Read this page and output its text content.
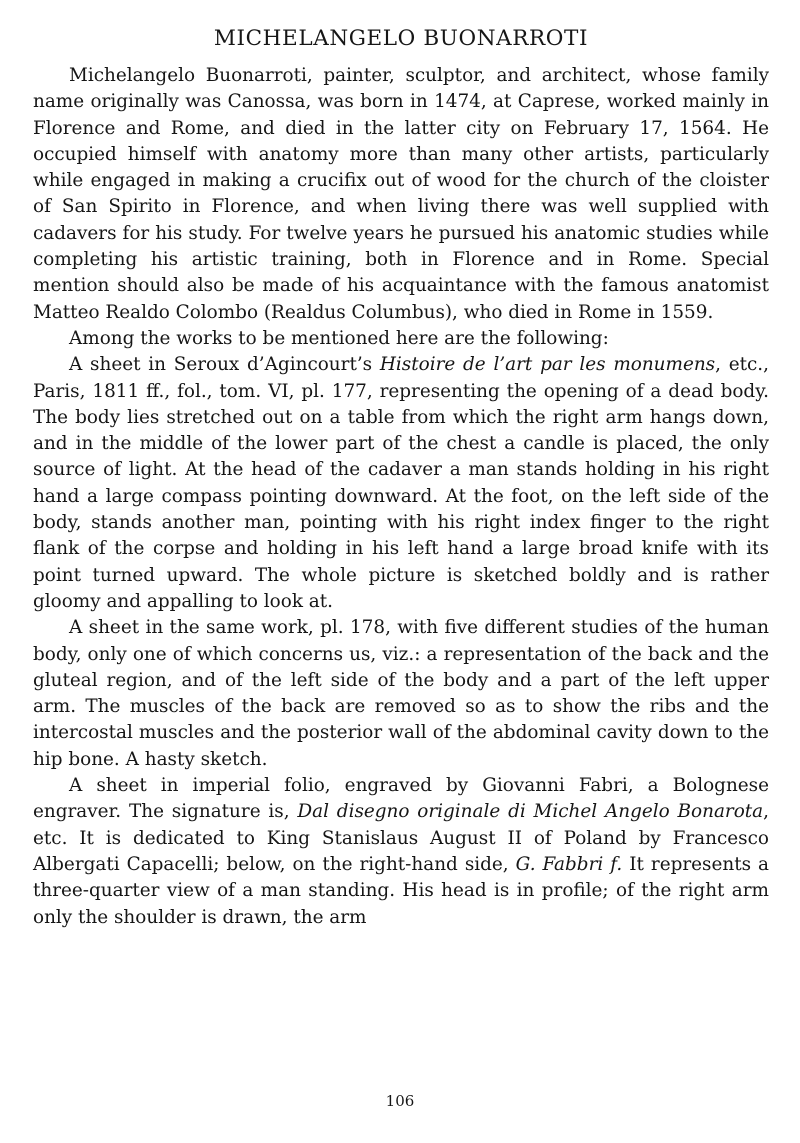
MICHELANGELO BUONARROTI

Michelangelo Buonarroti, painter, sculptor, and architect, whose family name originally was Canossa, was born in 1474, at Caprese, worked mainly in Florence and Rome, and died in the latter city on February 17, 1564. He occupied himself with anatomy more than many other artists, particularly while engaged in making a crucifix out of wood for the church of the cloister of San Spirito in Florence, and when living there was well supplied with cadavers for his study. For twelve years he pursued his anatomic studies while completing his artistic training, both in Florence and in Rome. Special mention should also be made of his acquaintance with the famous anatomist Matteo Realdo Colombo (Realdus Columbus), who died in Rome in 1559.

Among the works to be mentioned here are the following:

A sheet in Seroux d’Agincourt’s Histoire de l’art par les monumens, etc., Paris, 1811 ff., fol., tom. VI, pl. 177, representing the opening of a dead body. The body lies stretched out on a table from which the right arm hangs down, and in the middle of the lower part of the chest a candle is placed, the only source of light. At the head of the cadaver a man stands holding in his right hand a large compass pointing downward. At the foot, on the left side of the body, stands another man, pointing with his right index finger to the right flank of the corpse and holding in his left hand a large broad knife with its point turned upward. The whole picture is sketched boldly and is rather gloomy and appalling to look at.

A sheet in the same work, pl. 178, with five different studies of the human body, only one of which concerns us, viz.: a representation of the back and the gluteal region, and of the left side of the body and a part of the left upper arm. The muscles of the back are removed so as to show the ribs and the intercostal muscles and the posterior wall of the abdominal cavity down to the hip bone. A hasty sketch.

A sheet in imperial folio, engraved by Giovanni Fabri, a Bolognese engraver. The signature is, Dal disegno originale di Michel Angelo Bonarota, etc. It is dedicated to King Stanislaus August II of Poland by Francesco Albergati Capacelli; below, on the right-hand side, G. Fabbri f. It represents a three-quarter view of a man standing. His head is in profile; of the right arm only the shoulder is drawn, the arm

106
